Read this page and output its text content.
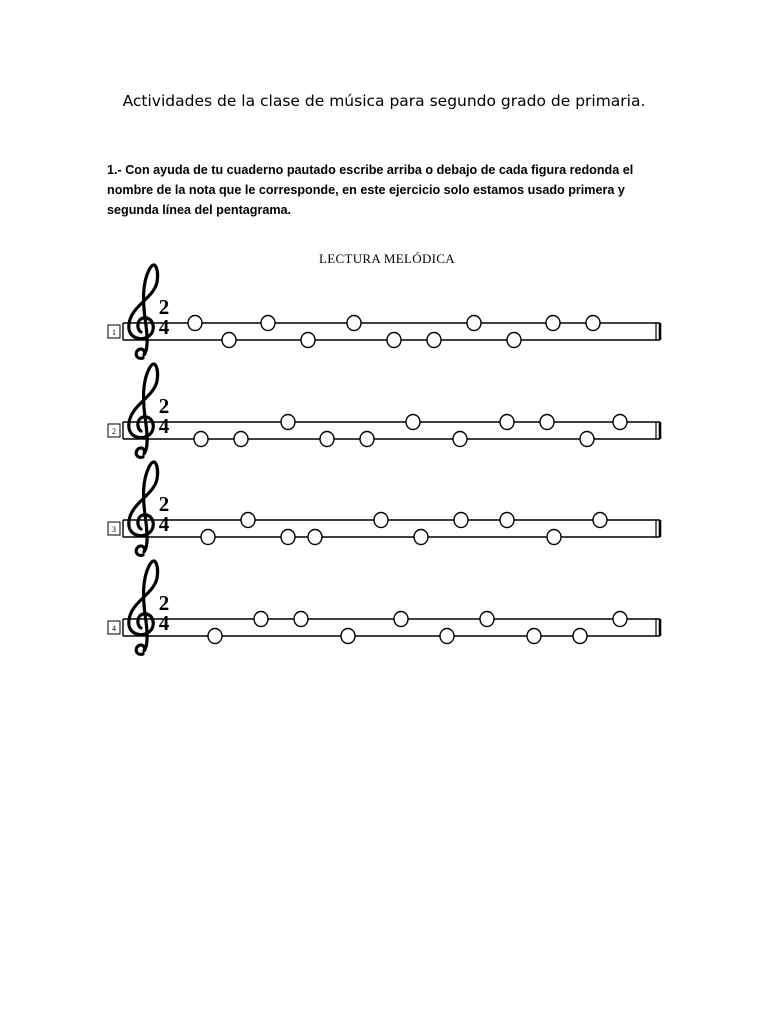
Actividades de la clase de música para segundo grado de primaria.

1.- Con ayuda de tu cuaderno pautado escribe arriba o debajo de cada figura redonda el nombre de la nota que le corresponde, en este ejercicio solo estamos usado primera y segunda línea del pentagrama.

LECTURA MELÓDICA
1
2
4
2
2
4
3
2
4
4
2
4
